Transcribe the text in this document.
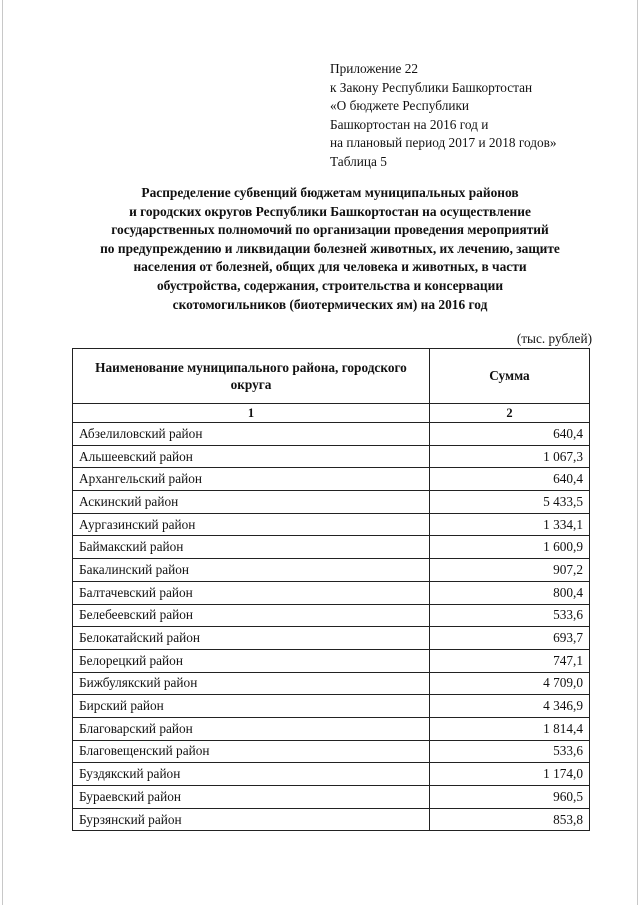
Приложение 22
к Закону Республики Башкортостан
«О бюджете Республики
Башкортостан на 2016 год и
на плановый период 2017 и 2018 годов»
Таблица 5
Распределение субвенций бюджетам муниципальных районов
и городских округов Республики Башкортостан на осуществление
государственных полномочий по организации проведения мероприятий
по предупреждению и ликвидации болезней животных, их лечению, защите
населения от болезней, общих для человека и животных, в части
обустройства, содержания, строительства и консервации
скотомогильников (биотермических ям) на 2016 год
(тыс. рублей)
Наименование муниципального района, городского округа	Сумма
1	2
Абзелиловский район	640,4
Альшеевский район	1 067,3
Архангельский район	640,4
Аскинский район	5 433,5
Аургазинский район	1 334,1
Баймакский район	1 600,9
Бакалинский район	907,2
Балтачевский район	800,4
Белебеевский район	533,6
Белокатайский район	693,7
Белорецкий район	747,1
Бижбулякский район	4 709,0
Бирский район	4 346,9
Благоварский район	1 814,4
Благовещенский район	533,6
Буздякский район	1 174,0
Бураевский район	960,5
Бурзянский район	853,8
